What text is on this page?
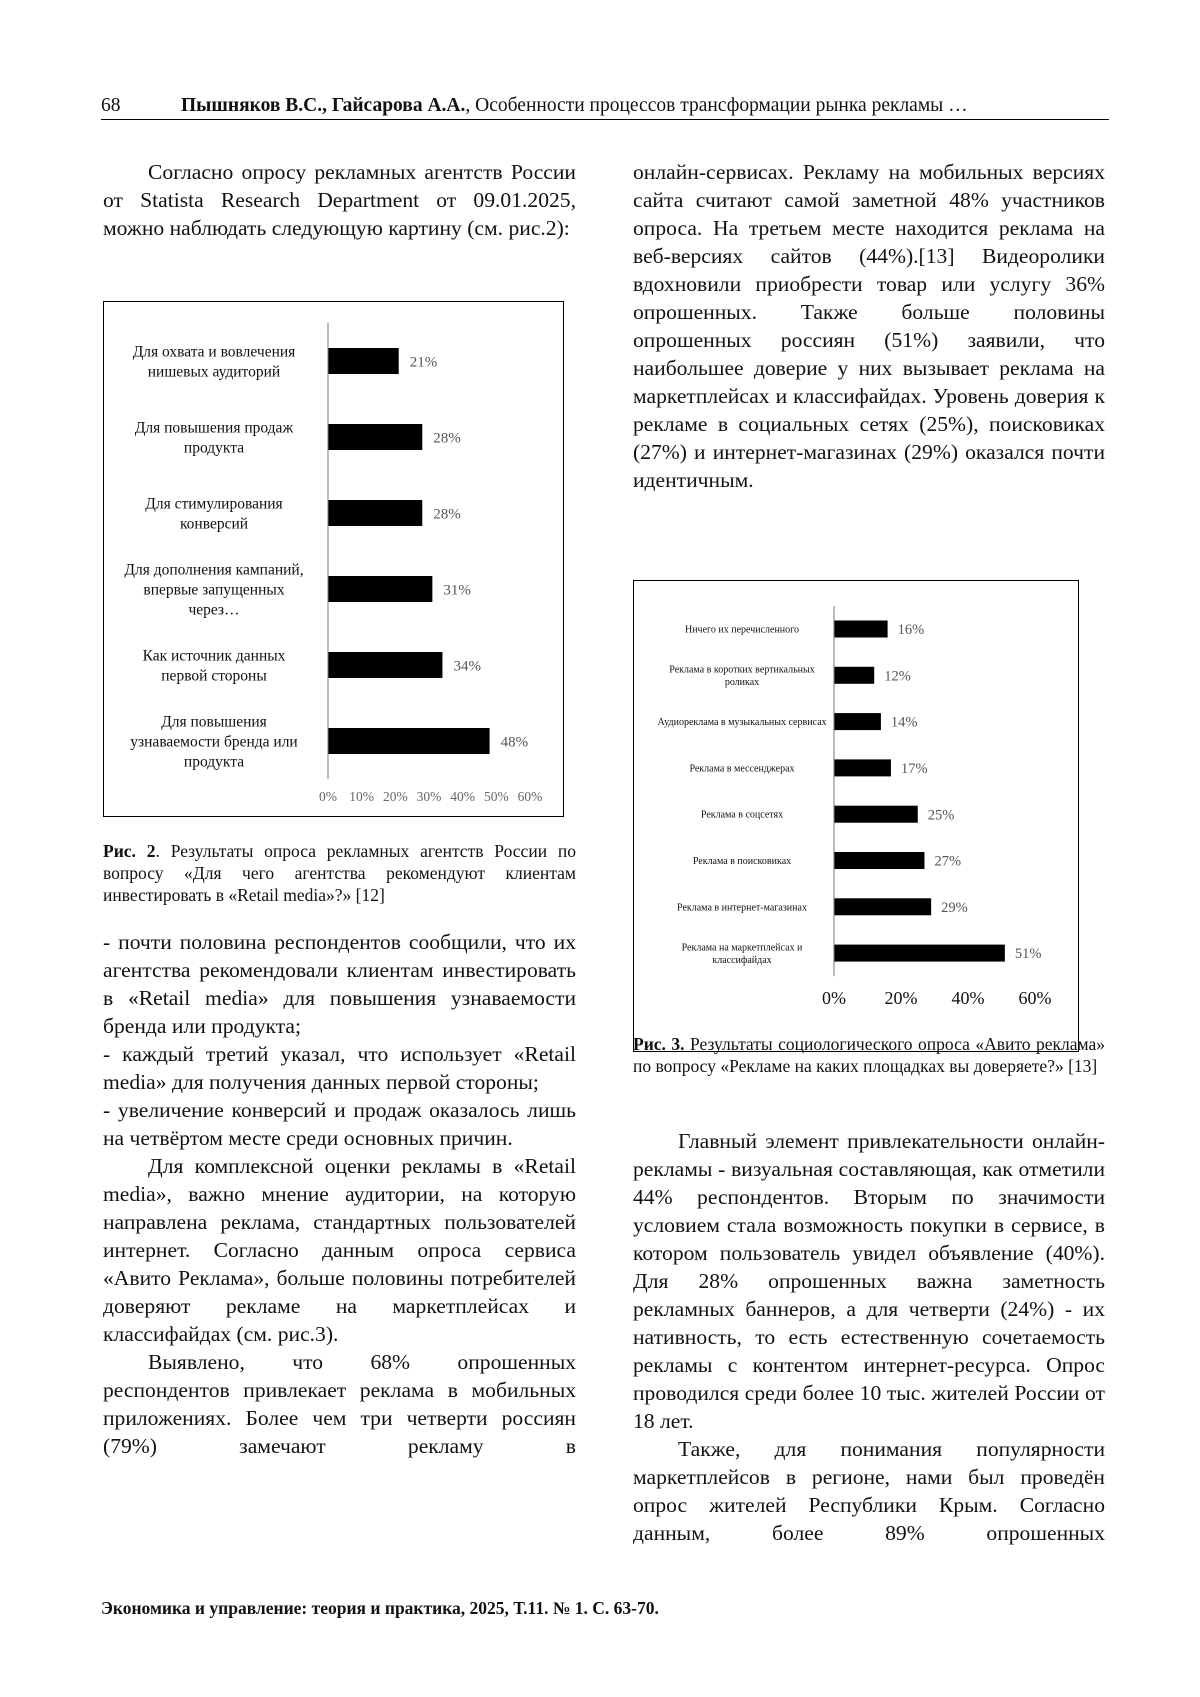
68	Пышняков В.С., Гайсарова А.А., Особенности процессов трансформации рынка рекламы …

Согласно опросу рекламных агентств России от Statista Research Department от 09.01.2025, можно наблюдать следующую картину (см. рис.2):

21%
Для охвата и вовлечения
нишевых аудиторий
28%
Для повышения продаж
продукта
28%
Для стимулирования
конверсий
31%
Для дополнения кампаний,
впервые запущенных
через…
34%
Как источник данных
первой стороны
48%
Для повышения
узнаваемости бренда или
продукта
0% 10% 20% 30% 40% 50% 60%

Рис. 2. Результаты опроса рекламных агентств России по вопросу «Для чего агентства рекомендуют клиентам инвестировать в «Retail media»?» [12]

- почти половина респондентов сообщили, что их агентства рекомендовали клиентам инвестировать в «Retail media» для повышения узнаваемости бренда или продукта;

- каждый третий указал, что использует «Retail media» для получения данных первой стороны;

- увеличение конверсий и продаж оказалось лишь на четвёртом месте среди основных причин.

Для комплексной оценки рекламы в «Retail media», важно мнение аудитории, на которую направлена реклама, стандартных пользователей интернет. Согласно данным опроса сервиса «Авито Реклама», больше половины потребителей доверяют рекламе на маркетплейсах и классифайдах (см. рис.3).

Выявлено, что 68% опрошенных респондентов привлекает реклама в мобильных приложениях. Более чем три четверти россиян (79%) замечают рекламу в

онлайн-сервисах. Рекламу на мобильных версиях сайта считают самой заметной 48% участников опроса. На третьем месте находится реклама на веб-версиях сайтов (44%).[13] Видеоролики вдохновили приобрести товар или услугу 36% опрошенных. Также больше половины опрошенных россиян (51%) заявили, что наибольшее доверие у них вызывает реклама на маркетплейсах и классифайдах. Уровень доверия к рекламе в социальных сетях (25%), поисковиках (27%) и интернет-магазинах (29%) оказался почти идентичным.

16%
Ничего их перечисленного
12%
Реклама в коротких вертикальных
роликах
14%
Аудиореклама в музыкальных сервисах
17%
Реклама в мессенджерах
25%
Реклама в соцсетях
27%
Реклама в поисковиках
29%
Реклама в интернет-магазинах
51%
Реклама на маркетплейсах и
классифайдах
0% 20% 40% 60%

Рис. 3. Результаты социологического опроса «Авито реклама» по вопросу «Рекламе на каких площадках вы доверяете?» [13]

Главный элемент привлекательности онлайн-рекламы - визуальная составляющая, как отметили 44% респондентов. Вторым по значимости условием стала возможность покупки в сервисе, в котором пользователь увидел объявление (40%). Для 28% опрошенных важна заметность рекламных баннеров, а для четверти (24%) - их нативность, то есть естественную сочетаемость рекламы с контентом интернет-ресурса. Опрос проводился среди более 10 тыс. жителей России от 18 лет.

Также, для понимания популярности маркетплейсов в регионе, нами был проведён опрос жителей Республики Крым. Согласно данным, более 89% опрошенных

Экономика и управление: теория и практика, 2025, Т.11. № 1. С. 63-70.
